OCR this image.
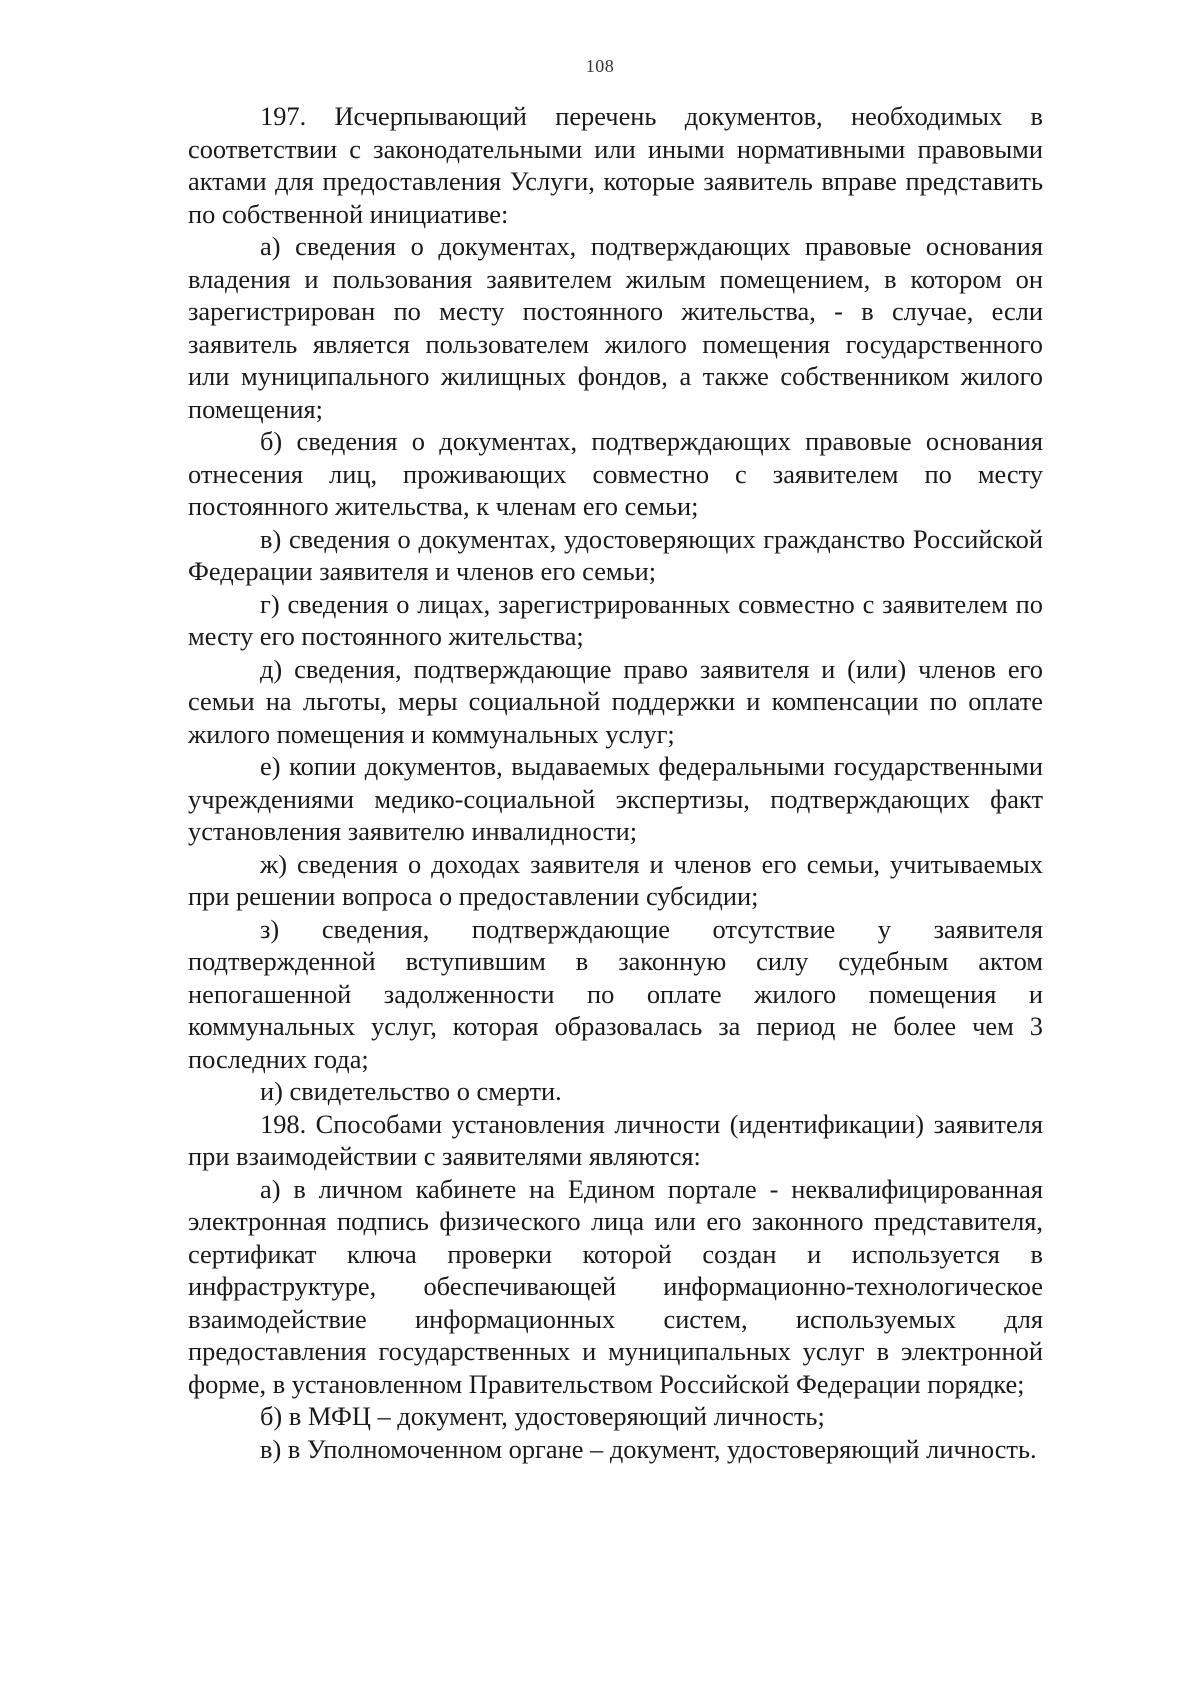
108

197. Исчерпывающий перечень документов, необходимых в соответствии с законодательными или иными нормативными правовыми актами для предоставления Услуги, которые заявитель вправе представить по собственной инициативе:

а) сведения о документах, подтверждающих правовые основания владения и пользования заявителем жилым помещением, в котором он зарегистрирован по месту постоянного жительства, - в случае, если заявитель является пользователем жилого помещения государственного или муниципального жилищных фондов, а также собственником жилого помещения;

б) сведения о документах, подтверждающих правовые основания отнесения лиц, проживающих совместно с заявителем по месту постоянного жительства, к членам его семьи;

в) сведения о документах, удостоверяющих гражданство Российской Федерации заявителя и членов его семьи;

г) сведения о лицах, зарегистрированных совместно с заявителем по месту его постоянного жительства;

д) сведения, подтверждающие право заявителя и (или) членов его семьи на льготы, меры социальной поддержки и компенсации по оплате жилого помещения и коммунальных услуг;

е) копии документов, выдаваемых федеральными государственными учреждениями медико-социальной экспертизы, подтверждающих факт установления заявителю инвалидности;

ж) сведения о доходах заявителя и членов его семьи, учитываемых при решении вопроса о предоставлении субсидии;

з) сведения, подтверждающие отсутствие у заявителя подтвержденной вступившим в законную силу судебным актом непогашенной задолженности по оплате жилого помещения и коммунальных услуг, которая образовалась за период не более чем 3 последних года;

и) свидетельство о смерти.

198. Способами установления личности (идентификации) заявителя при взаимодействии с заявителями являются:

а) в личном кабинете на Едином портале - неквалифицированная электронная подпись физического лица или его законного представителя, сертификат ключа проверки которой создан и используется в инфраструктуре, обеспечивающей информационно-технологическое взаимодействие информационных систем, используемых для предоставления государственных и муниципальных услуг в электронной форме, в установленном Правительством Российской Федерации порядке;

б) в МФЦ – документ, удостоверяющий личность;

в) в Уполномоченном органе – документ, удостоверяющий личность.
